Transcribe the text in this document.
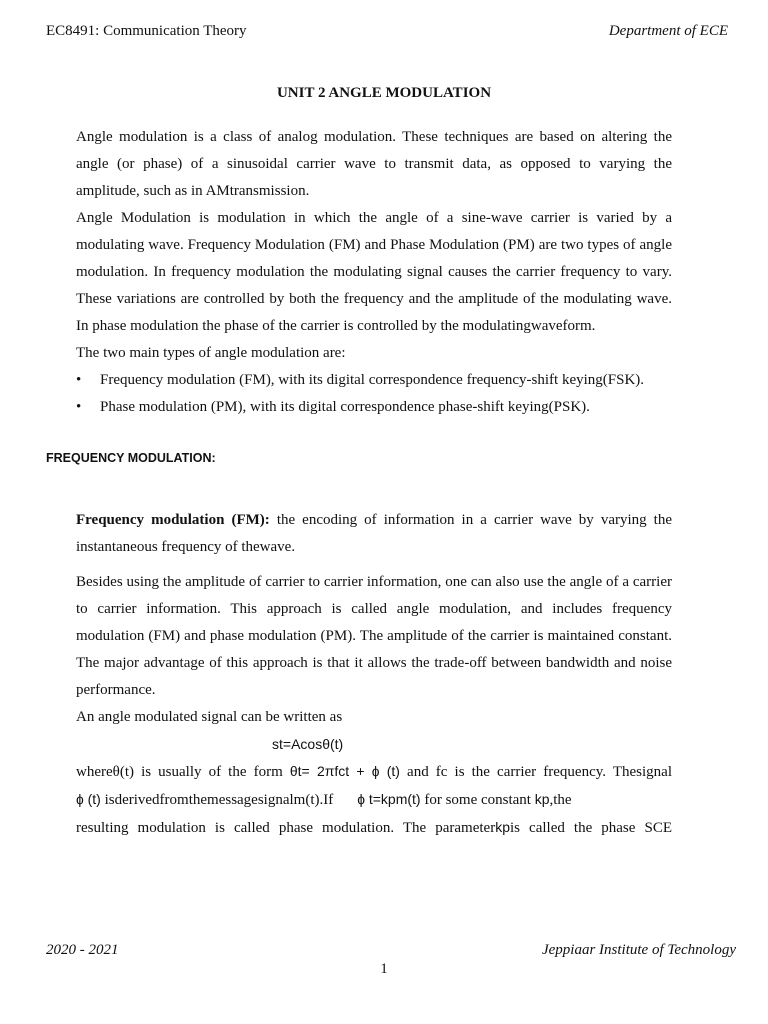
EC8491: Communication Theory	Department of ECE
UNIT 2 ANGLE MODULATION
Angle modulation is a class of analog modulation. These techniques are based on altering the
angle (or phase) of a sinusoidal carrier wave to transmit data, as opposed to varying the
amplitude, such as in AMtransmission.

Angle Modulation is modulation in which the angle of a sine-wave carrier is varied by a modulating wave. Frequency Modulation (FM) and Phase Modulation (PM) are two types of angle modulation. In frequency modulation the modulating signal causes the carrier frequency to vary. These variations are controlled by both the frequency and the amplitude of the modulating wave. In phase modulation the phase of the carrier is controlled by the modulatingwaveform.

The two main types of angle modulation are:

• Frequency modulation (FM), with its digital correspondence frequency-shift keying(FSK).
• Phase modulation (PM), with its digital correspondence phase-shift keying(PSK).
FREQUENCY MODULATION:

Frequency modulation (FM): the encoding of information in a carrier wave by varying the instantaneous frequency of thewave.

Besides using the amplitude of carrier to carrier information, one can also use the angle of a carrier to carrier information. This approach is called angle modulation, and includes frequency modulation (FM) and phase modulation (PM). The amplitude of the carrier is maintained constant. The major advantage of this approach is that it allows the trade-off between bandwidth and noise performance.

An angle modulated signal can be written as

st=Acosθ(t)
whereθ(t) is usually of the form θt= 2πfct + ɸ (t) and fc is the carrier frequency. Thesignal
ɸ (t) isderivedfromthemessagesignalm(t).If ɸ t=kpm(t) for some constant kp,the
resulting modulation is called phase modulation. The parameterkpis called the phase SCE
2020 - 2021	Jeppiaar Institute of Technology
1
